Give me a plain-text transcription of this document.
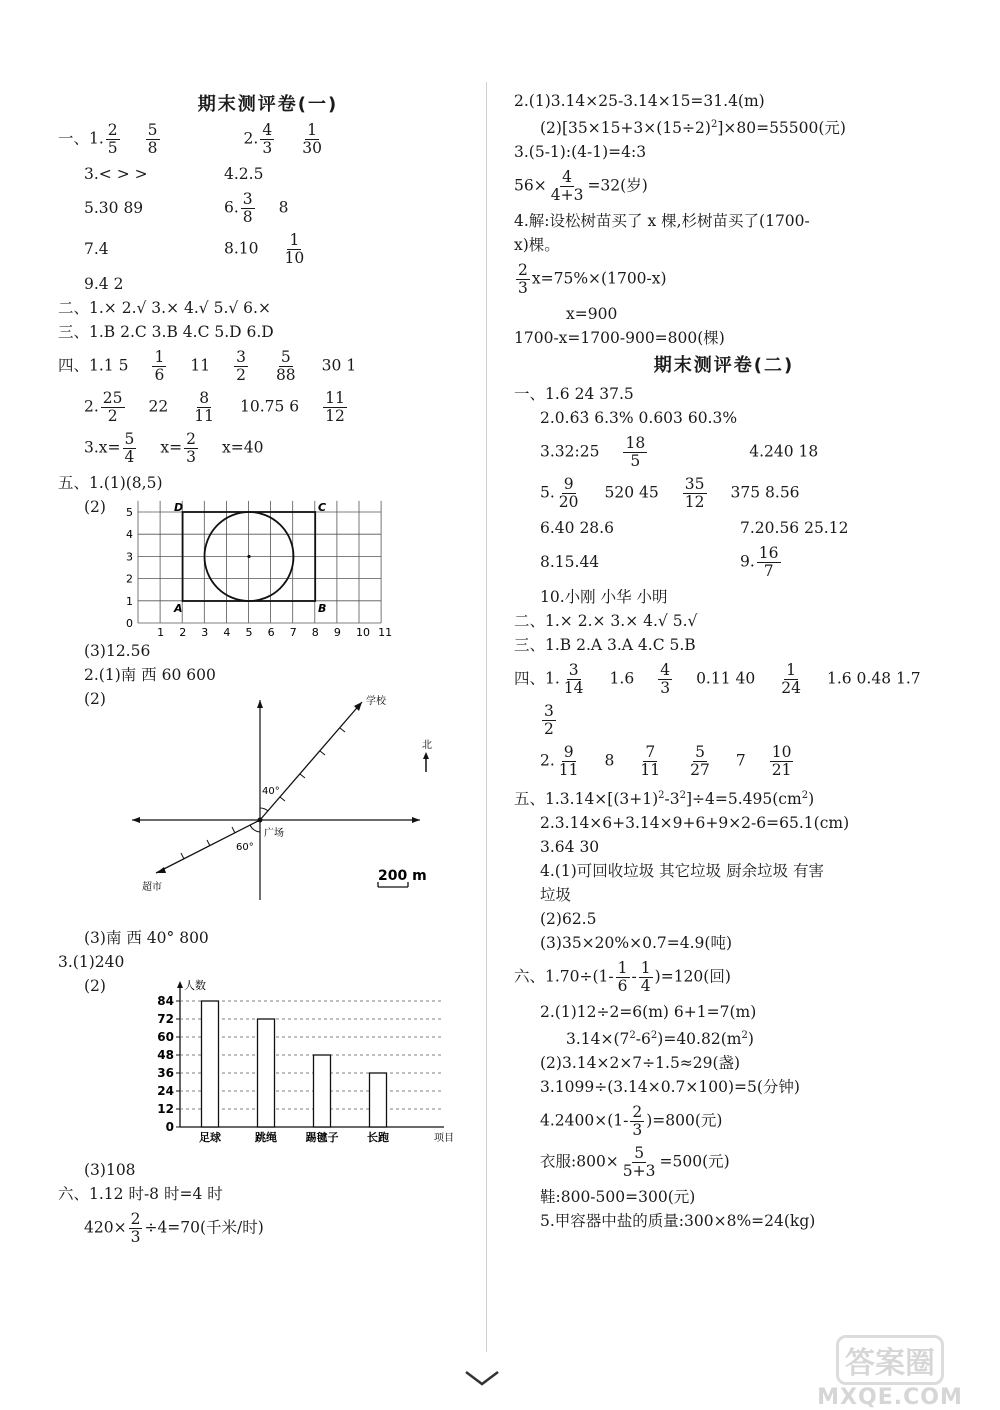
期末测评卷(一)
一、1. $\frac{2}{5} \frac{5}{8}$	2. $\frac{4}{3} \frac{1}{30}$
3.< > >	4.2.5
5.30 89	6. $\frac{3}{8} 8$
7.4	$8.10 \frac{1}{10}$
9.4 2
二、1.× 2.√ 3.× 4.√ 5.√ 6.×
三、1.B 2.C 3.B 4.C 5.D 6.D
四、1.1 $5 \frac{1}{6} 11 \frac{3}{2} \frac{5}{88} 30$ 1
2. $\frac{25}{2} 22 \frac{8}{11} 10.75$ $6 \frac{11}{12}$
$3.x= \frac{5}{4} x= \frac{2}{3} x=40$
五、1.(1)(8,5)
(2)	D	C
A	B
0
1
2
3
4
5
1 2 3 4 5 6 7 8 9 10 11
(3)12.56
2.(1)南 西 60 600
(2)	学校
北
广场
超市
40°
60°
200 m
(3)南 西 40° 800
3.(1)240
(2)
0
12
24
36
48
60
72
84
人数
项目
足球	跳绳	踢毽子	长跑
(3)108
六、1.12 时-8 时=4 时
$420\times \frac{2}{3} \div 4=70$(千米/时)
2.(1)3.14×25-3.14×15=31.4(m)
$(2)[35\times 15+3\times(15\div 2)^2]\times 80=55500$(元)
3.(5-1):(4-1)=4:3
$56\times \frac{4}{4+3} =32$(岁)
4.解:设松树苗买了 x 棵,杉树苗买了(1700-
x)棵。
$\frac{2}{3} x=75\%\times(1700-x)$
x=900
1700-x=1700-900=800(棵)
期末测评卷(二)
一、1.6 24 37.5
2.0.6̇3̇ 6.3% 0.603 60.3%
3.32:25 $\frac{18}{5}$	4.240 18
5. $\frac{9}{20} 520$ $45 \frac{35}{12} 375$ 8.56
6.40 28.6	7.20.56 25.12
8.15.44	9. $\frac{16}{7}$
10.小刚 小华 小明
二、1.× 2.× 3.× 4.√ 5.√
三、1.B 2.A 3.A 4.C 5.B
四、1. $\frac{3}{14} 1.6 \frac{4}{3} 0.11$ $40 \frac{1}{24} 1.6$ 0.48 1.7
$\frac{3}{2}$
2. $\frac{9}{11} 8 \frac{7}{11} \frac{5}{27} 7 \frac{10}{21}$
五、$1.3.14\times[(3+1)^2-3^2]\div 4=5.495(cm^2)$
2.3.14×6+3.14×9+6+9×2-6=65.1(cm)
3.64 30
4.(1)可回收垃圾 其它垃圾 厨余垃圾 有害
垃圾
(2)62.5
(3)35×20%×0.7=4.9(吨)
六、$1.70\div(1- \frac{1}{6} - \frac{1}{4} )=120$(回)
2.(1)12÷2=6(m) 6+1=7(m)
$3.14\times(7^2-6^2)=40.82(m^2)$
(2)3.14×2×7÷1.5≈29(盏)
3.1099÷(3.14×0.7×100)=5(分钟)
$4.2400\times(1- \frac{2}{3} )=800$(元)
衣服:800× $\frac{5}{5+3} =500$(元)
鞋:800-500=300(元)
5.甲容器中盐的质量:300×8%=24(kg)
答案圈
MXQE.COM
